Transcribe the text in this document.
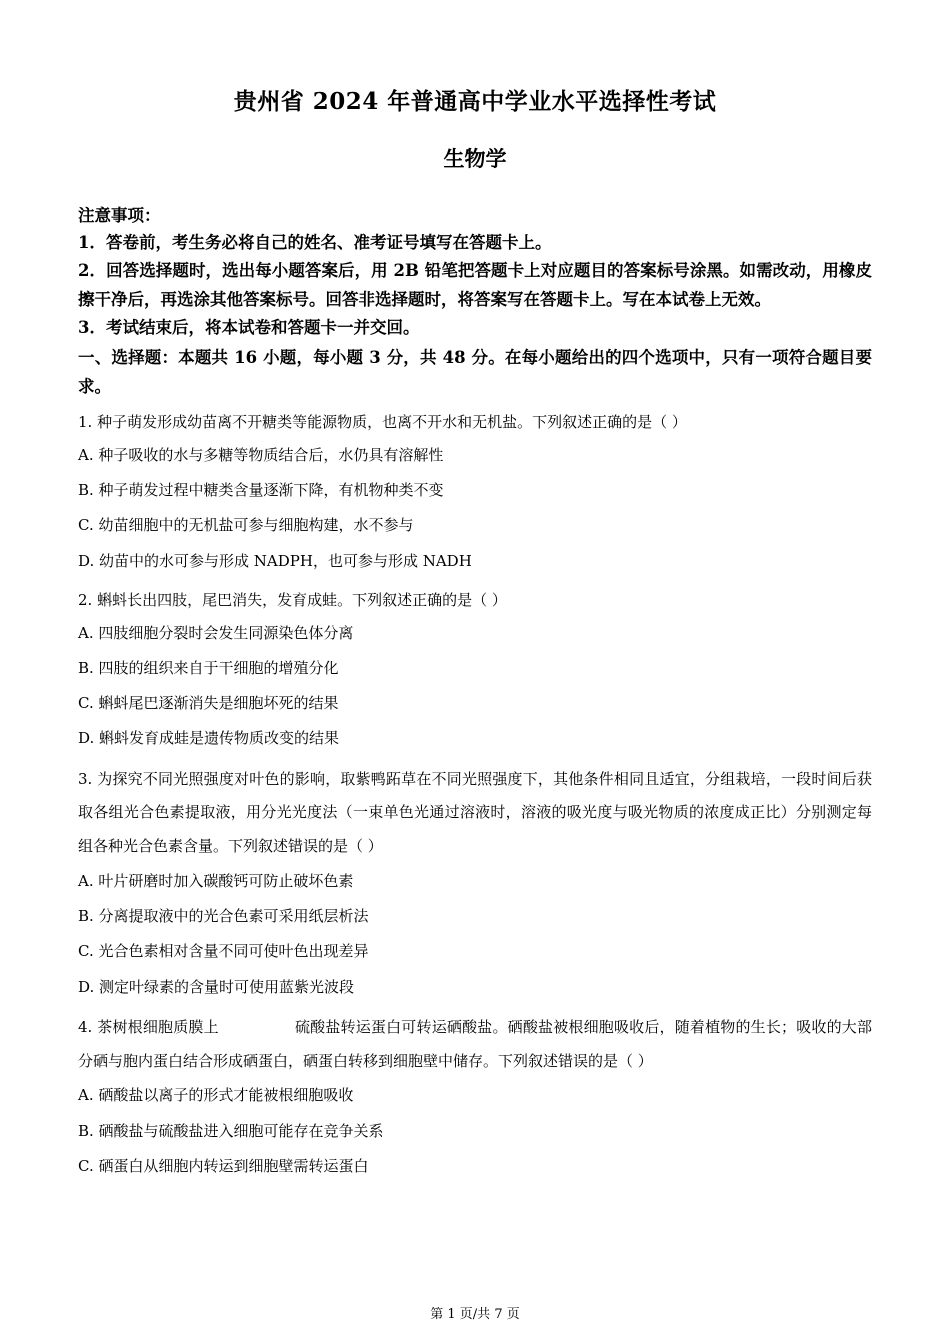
贵州省 2024 年普通高中学业水平选择性考试
生物学
注意事项：
1．答卷前，考生务必将自己的姓名、准考证号填写在答题卡上。
2．回答选择题时，选出每小题答案后，用 2B 铅笔把答题卡上对应题目的答案标号涂黑。如需改动，用橡皮擦干净后，再选涂其他答案标号。回答非选择题时，将答案写在答题卡上。写在本试卷上无效。
3．考试结束后，将本试卷和答题卡一并交回。
一、选择题：本题共 16 小题，每小题 3 分，共 48 分。在每小题给出的四个选项中，只有一项符合题目要求。
1. 种子萌发形成幼苗离不开糖类等能源物质，也离不开水和无机盐。下列叙述正确的是（ ）
A. 种子吸收的水与多糖等物质结合后，水仍具有溶解性
B. 种子萌发过程中糖类含量逐渐下降，有机物种类不变
C. 幼苗细胞中的无机盐可参与细胞构建，水不参与
D. 幼苗中的水可参与形成 NADPH，也可参与形成 NADH
2. 蝌蚪长出四肢，尾巴消失，发育成蛙。下列叙述正确的是（ ）
A. 四肢细胞分裂时会发生同源染色体分离
B. 四肢的组织来自于干细胞的增殖分化
C. 蝌蚪尾巴逐渐消失是细胞坏死的结果
D. 蝌蚪发育成蛙是遗传物质改变的结果
3. 为探究不同光照强度对叶色的影响，取紫鸭跖草在不同光照强度下，其他条件相同且适宜，分组栽培，一段时间后获取各组光合色素提取液，用分光光度法（一束单色光通过溶液时，溶液的吸光度与吸光物质的浓度成正比）分别测定每组各种光合色素含量。下列叙述错误的是（ ）
A. 叶片研磨时加入碳酸钙可防止破坏色素
B. 分离提取液中的光合色素可采用纸层析法
C. 光合色素相对含量不同可使叶色出现差异
D. 测定叶绿素的含量时可使用蓝紫光波段
4. 茶树根细胞质膜上	硫酸盐转运蛋白可转运硒酸盐。硒酸盐被根细胞吸收后，随着植物的生长；吸收的大部分硒与胞内蛋白结合形成硒蛋白，硒蛋白转移到细胞壁中储存。下列叙述错误的是（ ）
A. 硒酸盐以离子的形式才能被根细胞吸收
B. 硒酸盐与硫酸盐进入细胞可能存在竞争关系
C. 硒蛋白从细胞内转运到细胞壁需转运蛋白
第 1 页/共 7 页
